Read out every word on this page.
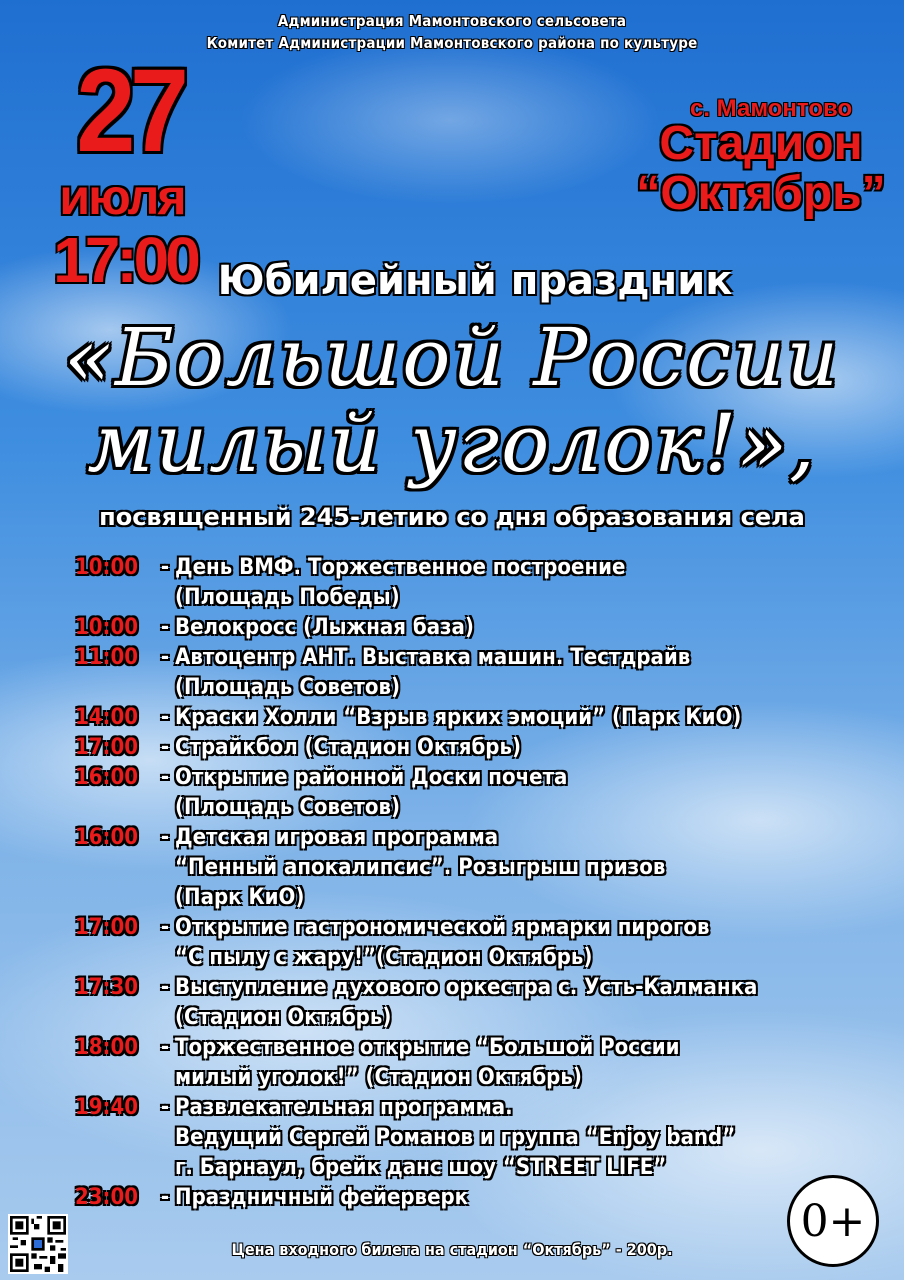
Администрация Мамонтовского сельсовета
Комитет Администрации Мамонтовского района по культуре
27
июля
17:00
с. Мамонтово
Стадион
“Октябрь”
Юбилейный праздник
«Большой России
милый уголок!»,
посвященный 245-летию со дня образования села
10:00	- День ВМФ. Торжественное построение
(Площадь Победы)
10:00	- Велокросс (Лыжная база)
11:00	- Автоцентр АНТ. Выставка машин. Тестдрайв
(Площадь Советов)
14:00	- Краски Холли “Взрыв ярких эмоций” (Парк КиО)
17:00	- Страйкбол (Стадион Октябрь)
16:00	- Открытие районной Доски почета
(Площадь Советов)
16:00	- Детская игровая программа
“Пенный апокалипсис”. Розыгрыш призов
(Парк КиО)
17:00	- Открытие гастрономической ярмарки пирогов
“С пылу с жару!”(Стадион Октябрь)
17:30	- Выступление духового оркестра с. Усть-Калманка
(Стадион Октябрь)
18:00	- Торжественное открытие “Большой России
милый уголок!” (Стадион Октябрь)
19:40	- Развлекательная программа.
Ведущий Сергей Романов и группа “Enjoy band”
г. Барнаул, брейк данс шоу “STREET LIFE”
23:00	- Праздничный фейерверк
Цена входного билета на стадион “Октябрь” - 200р.
0+
